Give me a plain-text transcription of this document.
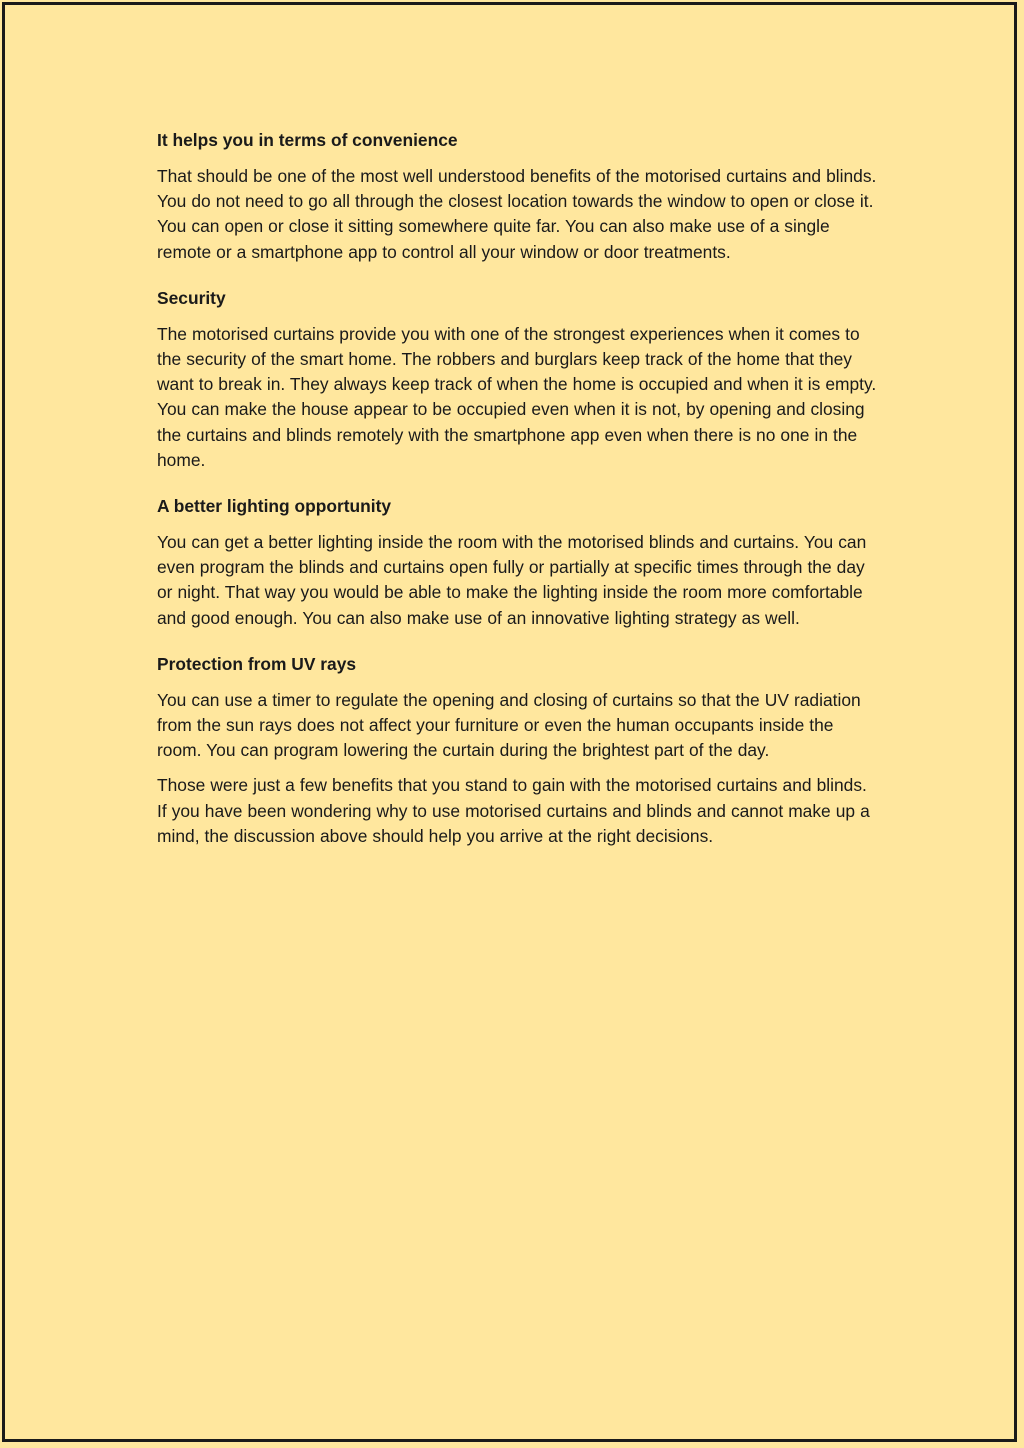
It helps you in terms of convenience

That should be one of the most well understood benefits of the motorised curtains and blinds. You do not need to go all through the closest location towards the window to open or close it. You can open or close it sitting somewhere quite far. You can also make use of a single remote or a smartphone app to control all your window or door treatments.

Security

The motorised curtains provide you with one of the strongest experiences when it comes to the security of the smart home. The robbers and burglars keep track of the home that they want to break in. They always keep track of when the home is occupied and when it is empty. You can make the house appear to be occupied even when it is not, by opening and closing the curtains and blinds remotely with the smartphone app even when there is no one in the home.

A better lighting opportunity

You can get a better lighting inside the room with the motorised blinds and curtains. You can even program the blinds and curtains open fully or partially at specific times through the day or night. That way you would be able to make the lighting inside the room more comfortable and good enough. You can also make use of an innovative lighting strategy as well.

Protection from UV rays

You can use a timer to regulate the opening and closing of curtains so that the UV radiation from the sun rays does not affect your furniture or even the human occupants inside the room. You can program lowering the curtain during the brightest part of the day.

Those were just a few benefits that you stand to gain with the motorised curtains and blinds. If you have been wondering why to use motorised curtains and blinds and cannot make up a mind, the discussion above should help you arrive at the right decisions.
